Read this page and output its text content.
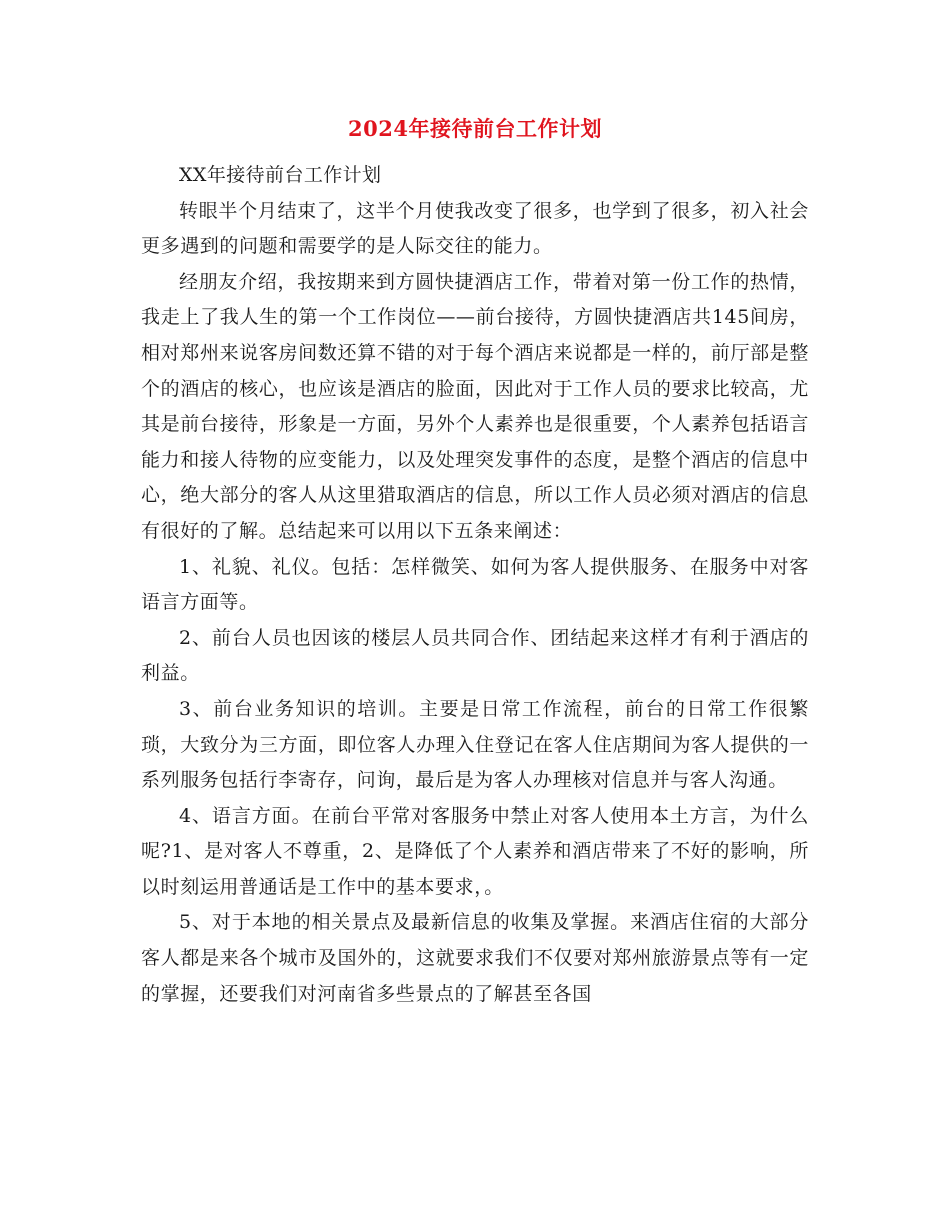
2024年接待前台工作计划

XX年接待前台工作计划

转眼半个月结束了，这半个月使我改变了很多，也学到了很多，初入社会更多遇到的问题和需要学的是人际交往的能力。

经朋友介绍，我按期来到方圆快捷酒店工作，带着对第一份工作的热情，我走上了我人生的第一个工作岗位——前台接待，方圆快捷酒店共145间房，相对郑州来说客房间数还算不错的对于每个酒店来说都是一样的，前厅部是整个的酒店的核心，也应该是酒店的脸面，因此对于工作人员的要求比较高，尤其是前台接待，形象是一方面，另外个人素养也是很重要，个人素养包括语言能力和接人待物的应变能力，以及处理突发事件的态度，是整个酒店的信息中心，绝大部分的客人从这里猎取酒店的信息，所以工作人员必须对酒店的信息有很好的了解。总结起来可以用以下五条来阐述：

1、礼貌、礼仪。包括：怎样微笑、如何为客人提供服务、在服务中对客语言方面等。

2、前台人员也因该的楼层人员共同合作、团结起来这样才有利于酒店的利益。

3、前台业务知识的培训。主要是日常工作流程，前台的日常工作很繁琐，大致分为三方面，即位客人办理入住登记在客人住店期间为客人提供的一系列服务包括行李寄存，问询，最后是为客人办理核对信息并与客人沟通。

4、语言方面。在前台平常对客服务中禁止对客人使用本土方言，为什么呢?1、是对客人不尊重，2、是降低了个人素养和酒店带来了不好的影响，所以时刻运用普通话是工作中的基本要求，。

5、对于本地的相关景点及最新信息的收集及掌握。来酒店住宿的大部分客人都是来各个城市及国外的，这就要求我们不仅要对郑州旅游景点等有一定的掌握，还要我们对河南省多些景点的了解甚至各国
